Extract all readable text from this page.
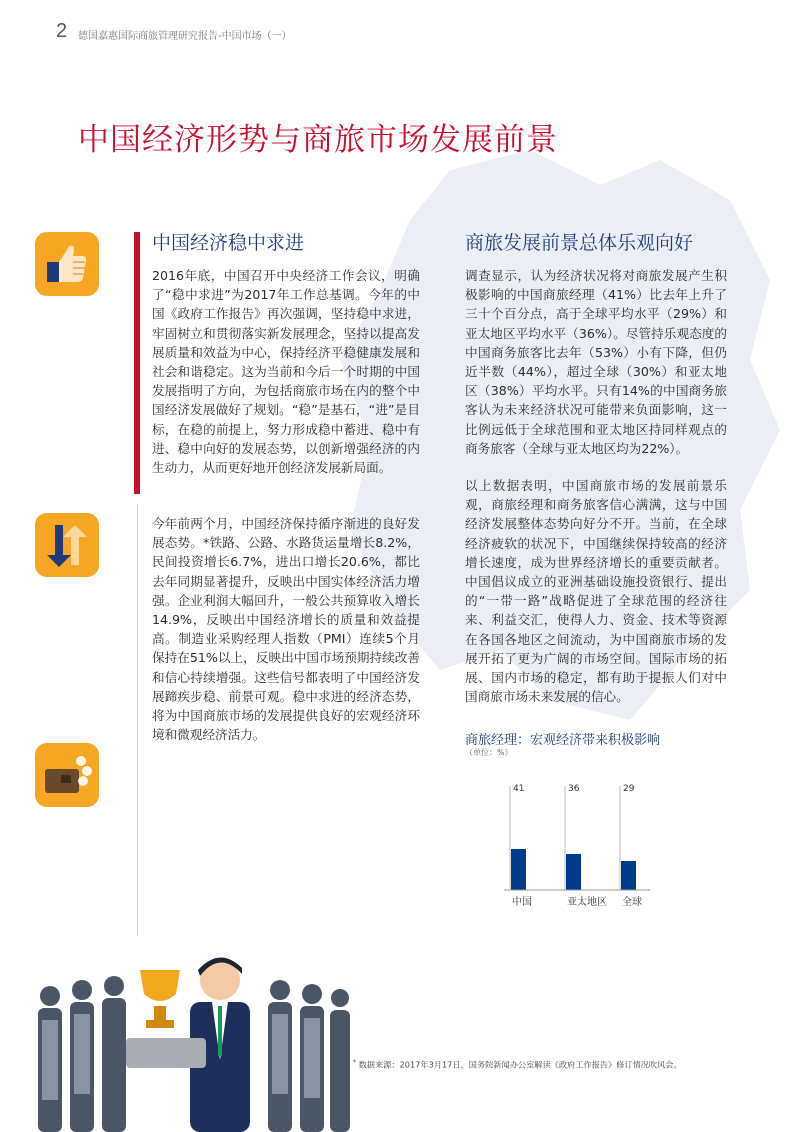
2 德国嘉惠国际商旅管理研究报告-中国市场（一）
中国经济形势与商旅市场发展前景
中国经济稳中求进

2016年底，中国召开中央经济工作会议，明确了“稳中求进”为2017年工作总基调。今年的中国《政府工作报告》再次强调，坚持稳中求进，牢固树立和贯彻落实新发展理念，坚持以提高发展质量和效益为中心，保持经济平稳健康发展和社会和谐稳定。这为当前和今后一个时期的中国发展指明了方向，为包括商旅市场在内的整个中国经济发展做好了规划。“稳”是基石，“进”是目标，在稳的前提上，努力形成稳中蓄进、稳中有进、稳中向好的发展态势，以创新增强经济的内生动力，从而更好地开创经济发展新局面。

今年前两个月，中国经济保持循序渐进的良好发展态势。*铁路、公路、水路货运量增长8.2%，民间投资增长6.7%，进出口增长20.6%，都比去年同期显著提升，反映出中国实体经济活力增强。企业利润大幅回升，一般公共预算收入增长14.9%，反映出中国经济增长的质量和效益提高。制造业采购经理人指数（PMI）连续5个月保持在51%以上，反映出中国市场预期持续改善和信心持续增强。这些信号都表明了中国经济发展蹄疾步稳、前景可观。稳中求进的经济态势，将为中国商旅市场的发展提供良好的宏观经济环境和微观经济活力。

商旅发展前景总体乐观向好

调查显示，认为经济状况将对商旅发展产生积极影响的中国商旅经理（41%）比去年上升了三十个百分点，高于全球平均水平（29%）和亚太地区平均水平（36%）。尽管持乐观态度的中国商务旅客比去年（53%）小有下降，但仍近半数（44%），超过全球（30%）和亚太地区（38%）平均水平。只有14%的中国商务旅客认为未来经济状况可能带来负面影响，这一比例远低于全球范围和亚太地区持同样观点的商务旅客（全球与亚太地区均为22%）。

以上数据表明，中国商旅市场的发展前景乐观，商旅经理和商务旅客信心满满，这与中国经济发展整体态势向好分不开。当前，在全球经济疲软的状况下，中国继续保持较高的经济增长速度，成为世界经济增长的重要贡献者。中国倡议成立的亚洲基础设施投资银行、提出的“一带一路”战略促进了全球范围的经济往来、利益交汇，使得人力、资金、技术等资源在各国各地区之间流动，为中国商旅市场的发展开拓了更为广阔的市场空间。国际市场的拓展、国内市场的稳定，都有助于提振人们对中国商旅市场未来发展的信心。

商旅经理：宏观经济带来积极影响
（单位：%）
41
中国
36
亚太地区
29
全球
* 数据来源：2017年3月17日，国务院新闻办公室解读《政府工作报告》修订情况吹风会。
